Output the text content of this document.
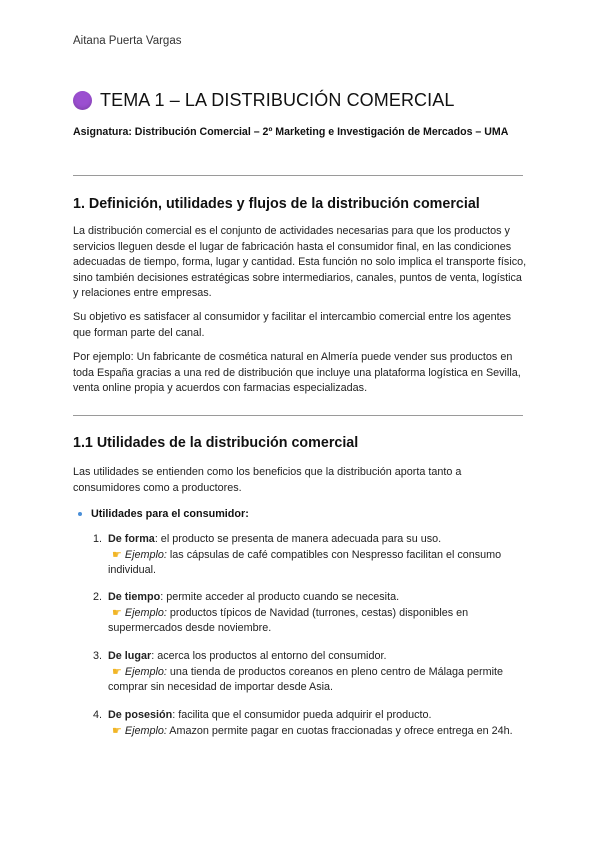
Aitana Puerta Vargas
TEMA 1 – LA DISTRIBUCIÓN COMERCIAL
Asignatura: Distribución Comercial – 2º Marketing e Investigación de Mercados – UMA
1. Definición, utilidades y flujos de la distribución comercial
La distribución comercial es el conjunto de actividades necesarias para que los productos y servicios lleguen desde el lugar de fabricación hasta el consumidor final, en las condiciones adecuadas de tiempo, forma, lugar y cantidad. Esta función no solo implica el transporte físico, sino también decisiones estratégicas sobre intermediarios, canales, puntos de venta, logística y relaciones entre empresas.
Su objetivo es satisfacer al consumidor y facilitar el intercambio comercial entre los agentes que forman parte del canal.
Por ejemplo: Un fabricante de cosmética natural en Almería puede vender sus productos en toda España gracias a una red de distribución que incluye una plataforma logística en Sevilla, venta online propia y acuerdos con farmacias especializadas.
1.1 Utilidades de la distribución comercial
Las utilidades se entienden como los beneficios que la distribución aporta tanto a consumidores como a productores.
Utilidades para el consumidor:
1. De forma: el producto se presenta de manera adecuada para su uso.
☛ Ejemplo: las cápsulas de café compatibles con Nespresso facilitan el consumo individual.
2. De tiempo: permite acceder al producto cuando se necesita.
☛ Ejemplo: productos típicos de Navidad (turrones, cestas) disponibles en supermercados desde noviembre.
3. De lugar: acerca los productos al entorno del consumidor.
☛ Ejemplo: una tienda de productos coreanos en pleno centro de Málaga permite comprar sin necesidad de importar desde Asia.
4. De posesión: facilita que el consumidor pueda adquirir el producto.
☛ Ejemplo: Amazon permite pagar en cuotas fraccionadas y ofrece entrega en 24h.
